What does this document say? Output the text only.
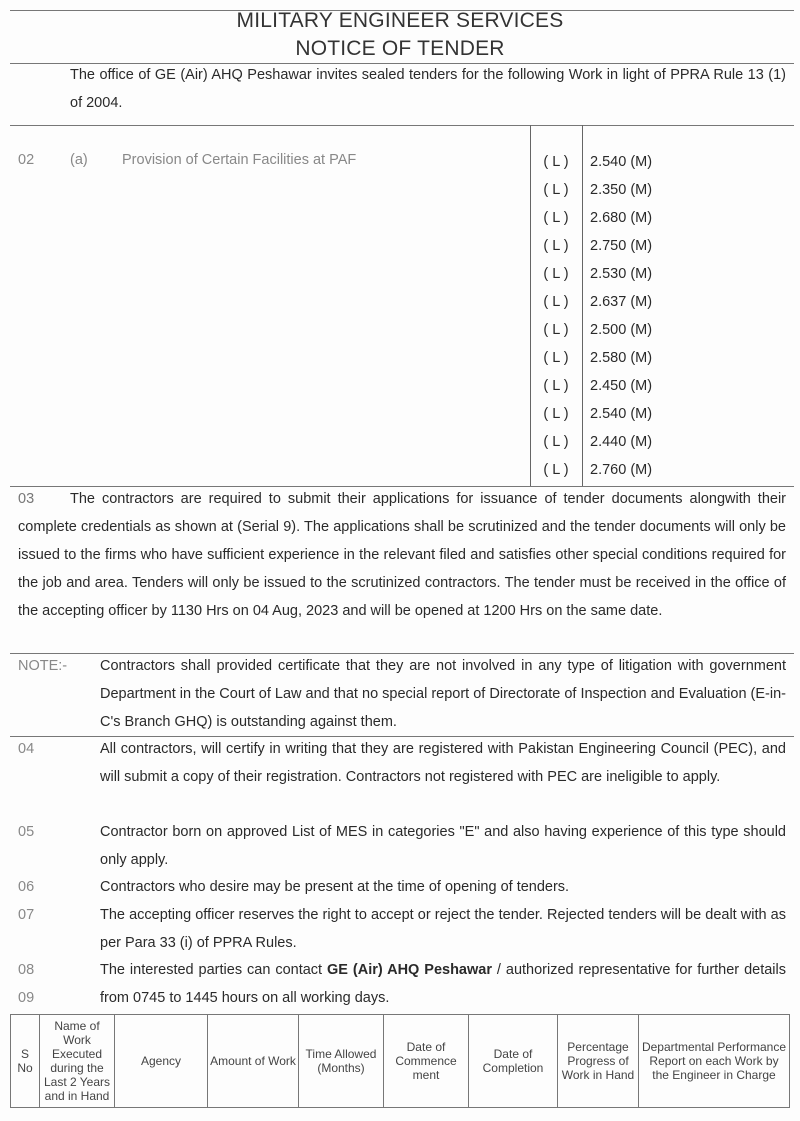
MILITARY ENGINEER SERVICES
NOTICE OF TENDER
The office of GE (Air) AHQ Peshawar invites sealed tenders for the following Work in light of PPRA Rule 13 (1) of 2004.
02 (a) Provision of Certain Facilities at PAF	( L ) 2.540 (M)
( L ) 2.350 (M)
( L ) 2.680 (M)
( L ) 2.750 (M)
( L ) 2.530 (M)
( L ) 2.637 (M)
( L ) 2.500 (M)
( L ) 2.580 (M)
( L ) 2.450 (M)
( L ) 2.540 (M)
( L ) 2.440 (M)
( L ) 2.760 (M)
03 The contractors are required to submit their applications for issuance of tender documents alongwith their complete credentials as shown at (Serial 9). The applications shall be scrutinized and the tender documents will only be issued to the firms who have sufficient experience in the relevant filed and satisfies other special conditions required for the job and area. Tenders will only be issued to the scrutinized contractors. The tender must be received in the office of the accepting officer by 1130 Hrs on 04 Aug, 2023 and will be opened at 1200 Hrs on the same date.
NOTE:-	Contractors shall provided certificate that they are not involved in any type of litigation with government Department in the Court of Law and that no special report of Directorate of Inspection and Evaluation (E-in-C's Branch GHQ) is outstanding against them.
04	All contractors, will certify in writing that they are registered with Pakistan Engineering Council (PEC), and will submit a copy of their registration. Contractors not registered with PEC are ineligible to apply.
05	Contractor born on approved List of MES in categories "E" and also having experience of this type should only apply.
06	Contractors who desire may be present at the time of opening of tenders.
07	The accepting officer reserves the right to accept or reject the tender. Rejected tenders will be dealt with as per Para 33 (i) of PPRA Rules.
08	The interested parties can contact GE (Air) AHQ Peshawar / authorized representative for further details from 0745 to 1445 hours on all working days.
09
S No	Name of Work Executed during the Last 2 Years and in Hand	Agency	Amount of Work	Time Allowed (Months)	Date of Commence ment	Date of Completion	Percentage Progress of Work in Hand	Departmental Performance Report on each Work by the Engineer in Charge
